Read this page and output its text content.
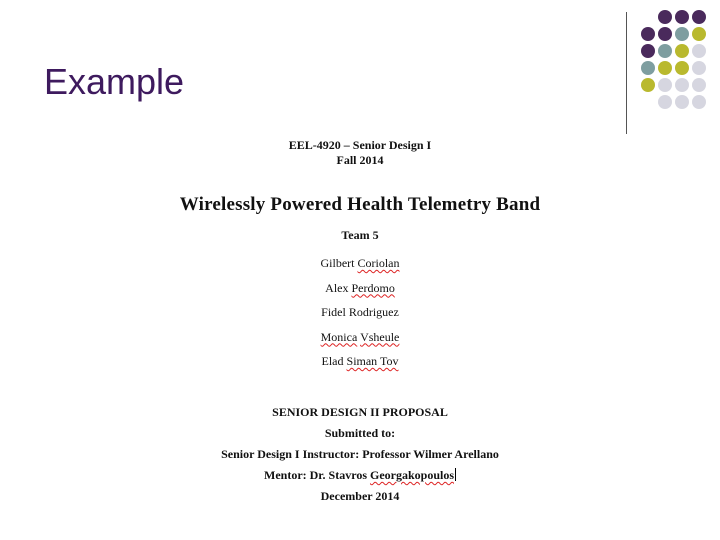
Example

EEL-4920 – Senior Design I

Fall 2014

Wirelessly Powered Health Telemetry Band
Team 5

Gilbert Coriolan

Alex Perdomo

Fidel Rodriguez

Monica Vsheule

Elad Siman Tov

SENIOR DESIGN II PROPOSAL

Submitted to:

Senior Design I Instructor: Professor Wilmer Arellano

Mentor: Dr. Stavros Georgakopoulos

December 2014
